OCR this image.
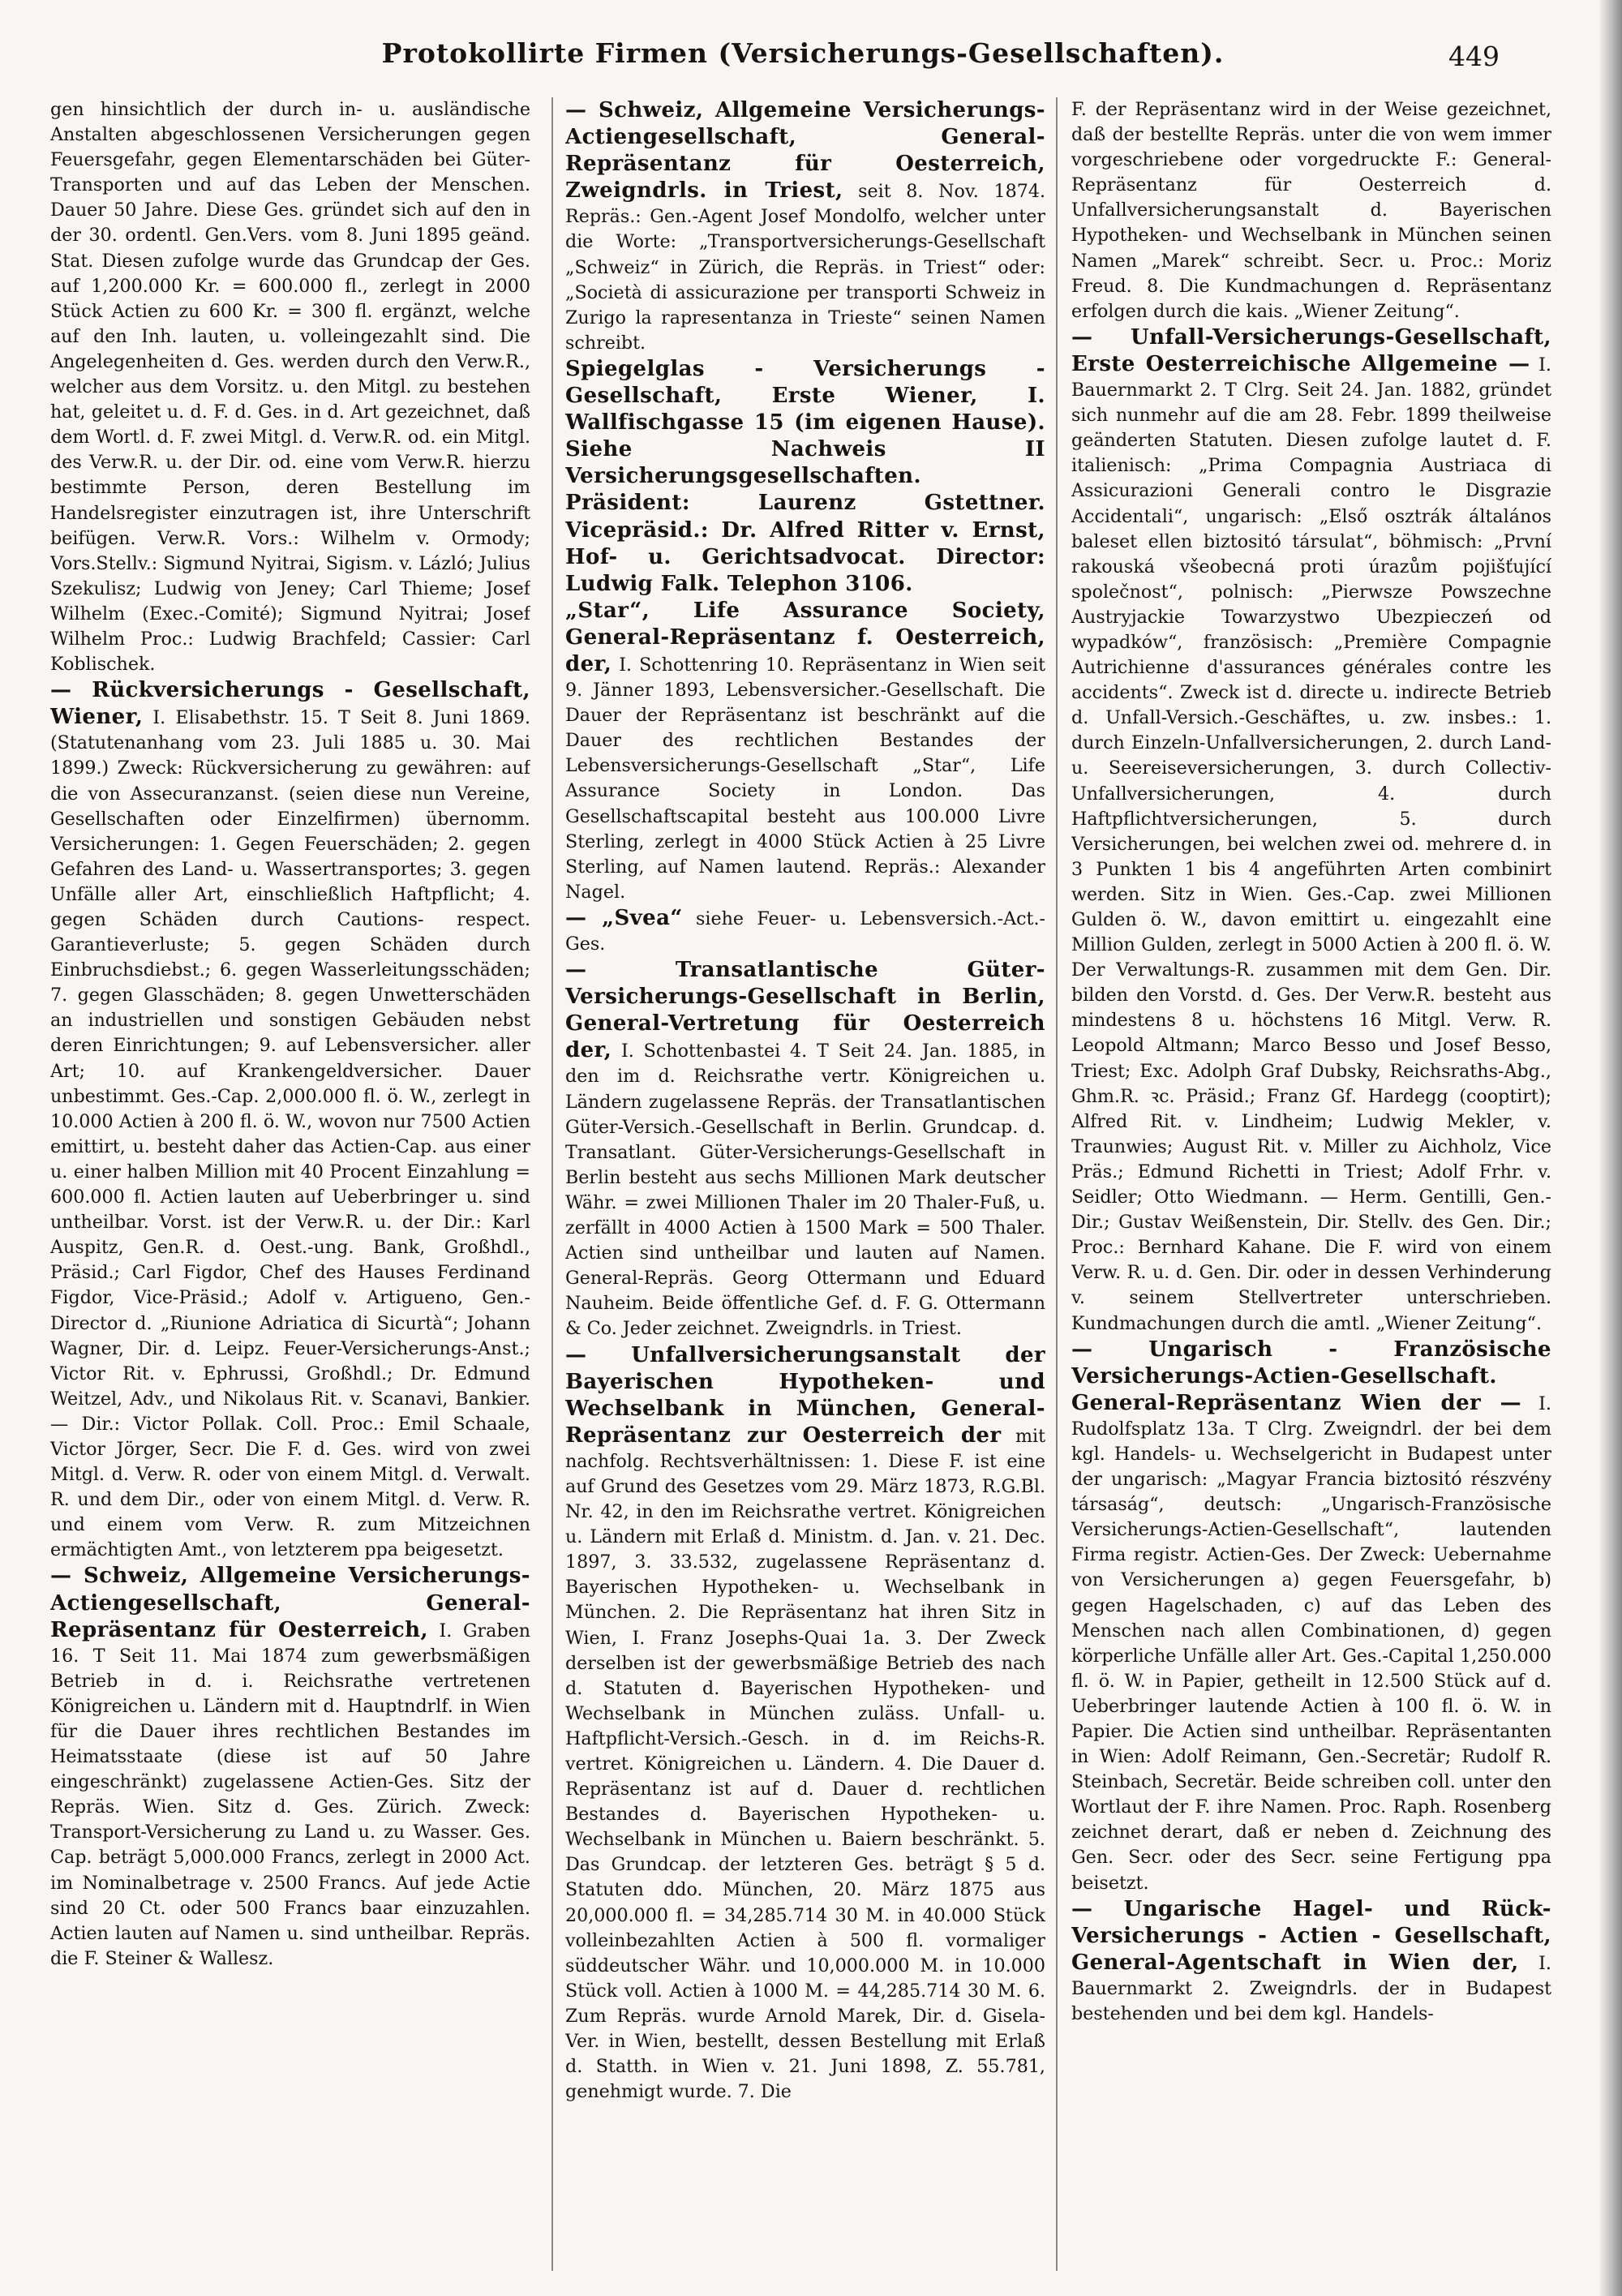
Protokollirte Firmen (Versicherungs-Gesellschaften).	449
gen hinsichtlich der durch in- u. ausländische Anstalten abgeschlossenen Versicherungen gegen Feuersgefahr, gegen Elementarschäden bei Güter-Transporten und auf das Leben der Menschen. Dauer 50 Jahre. Diese Ges. gründet sich auf den in der 30. ordentl. Gen.Vers. vom 8. Juni 1895 geänd. Stat. Diesen zufolge wurde das Grundcap der Ges. auf 1,200.000 Kr. = 600.000 fl., zerlegt in 2000 Stück Actien zu 600 Kr. = 300 fl. ergänzt, welche auf den Inh. lauten, u. volleingezahlt sind. Die Angelegenheiten d. Ges. werden durch den Verw.R., welcher aus dem Vorsitz. u. den Mitgl. zu bestehen hat, geleitet u. d. F. d. Ges. in d. Art gezeichnet, daß dem Wortl. d. F. zwei Mitgl. d. Verw.R. od. ein Mitgl. des Verw.R. u. der Dir. od. eine vom Verw.R. hierzu bestimmte Person, deren Bestellung im Handelsregister einzutragen ist, ihre Unterschrift beifügen. Verw.R. Vors.: Wilhelm v. Ormody; Vors.Stellv.: Sigmund Nyitrai, Sigism. v. Lázló; Julius Szekulisz; Ludwig von Jeney; Carl Thieme; Josef Wilhelm (Exec.-Comité); Sigmund Nyitrai; Josef Wilhelm Proc.: Ludwig Brachfeld; Cassier: Carl Koblischek.
— Rückversicherungs - Gesellschaft, Wiener, I. Elisabethstr. 15. T Seit 8. Juni 1869. (Statutenanhang vom 23. Juli 1885 u. 30. Mai 1899.) Zweck: Rückversicherung zu gewähren: auf die von Assecuranzanst. (seien diese nun Vereine, Gesellschaften oder Einzelfirmen) übernomm. Versicherungen: 1. Gegen Feuerschäden; 2. gegen Gefahren des Land- u. Wassertransportes; 3. gegen Unfälle aller Art, einschließlich Haftpflicht; 4. gegen Schäden durch Cautions- respect. Garantieverluste; 5. gegen Schäden durch Einbruchsdiebst.; 6. gegen Wasserleitungsschäden; 7. gegen Glasschäden; 8. gegen Unwetterschäden an industriellen und sonstigen Gebäuden nebst deren Einrichtungen; 9. auf Lebensversicher. aller Art; 10. auf Krankengeldversicher. Dauer unbestimmt. Ges.-Cap. 2,000.000 fl. ö. W., zerlegt in 10.000 Actien à 200 fl. ö. W., wovon nur 7500 Actien emittirt, u. besteht daher das Actien-Cap. aus einer u. einer halben Million mit 40 Procent Einzahlung = 600.000 fl. Actien lauten auf Ueberbringer u. sind untheilbar. Vorst. ist der Verw.R. u. der Dir.: Karl Auspitz, Gen.R. d. Oest.-ung. Bank, Großhdl., Präsid.; Carl Figdor, Chef des Hauses Ferdinand Figdor, Vice-Präsid.; Adolf v. Artigueno, Gen.-Director d. „Riunione Adriatica di Sicurtà“; Johann Wagner, Dir. d. Leipz. Feuer-Versicherungs-Anst.; Victor Rit. v. Ephrussi, Großhdl.; Dr. Edmund Weitzel, Adv., und Nikolaus Rit. v. Scanavi, Bankier. — Dir.: Victor Pollak. Coll. Proc.: Emil Schaale, Victor Jörger, Secr. Die F. d. Ges. wird von zwei Mitgl. d. Verw. R. oder von einem Mitgl. d. Verwalt. R. und dem Dir., oder von einem Mitgl. d. Verw. R. und einem vom Verw. R. zum Mitzeichnen ermächtigten Amt., von letzterem ppa beigesetzt.
— Schweiz, Allgemeine Versicherungs-Actiengesellschaft, General-Repräsentanz für Oesterreich, I. Graben 16. T Seit 11. Mai 1874 zum gewerbsmäßigen Betrieb in d. i. Reichsrathe vertretenen Königreichen u. Ländern mit d. Hauptndrlf. in Wien für die Dauer ihres rechtlichen Bestandes im Heimatsstaate (diese ist auf 50 Jahre eingeschränkt) zugelassene Actien-Ges. Sitz der Repräs. Wien. Sitz d. Ges. Zürich. Zweck: Transport-Versicherung zu Land u. zu Wasser. Ges. Cap. beträgt 5,000.000 Francs, zerlegt in 2000 Act. im Nominalbetrage v. 2500 Francs. Auf jede Actie sind 20 Ct. oder 500 Francs baar einzuzahlen. Actien lauten auf Namen u. sind untheilbar. Repräs. die F. Steiner & Wallesz.
— Schweiz, Allgemeine Versicherungs-Actiengesellschaft, General-Repräsentanz für Oesterreich, Zweigndrls. in Triest, seit 8. Nov. 1874. Repräs.: Gen.-Agent Josef Mondolfo, welcher unter die Worte: „Transportversicherungs-Gesellschaft „Schweiz“ in Zürich, die Repräs. in Triest“ oder: „Società di assicurazione per transporti Schweiz in Zurigo la rapresentanza in Trieste“ seinen Namen schreibt.
Spiegelglas - Versicherungs - Gesellschaft, Erste Wiener, I. Wallfischgasse 15 (im eigenen Hause). Siehe Nachweis II Versicherungsgesellschaften. Präsident: Laurenz Gstettner. Vicepräsid.: Dr. Alfred Ritter v. Ernst, Hof- u. Gerichtsadvocat. Director: Ludwig Falk. Telephon 3106.
„Star“, Life Assurance Society, General-Repräsentanz f. Oesterreich, der, I. Schottenring 10. Repräsentanz in Wien seit 9. Jänner 1893, Lebensversicher.-Gesellschaft. Die Dauer der Repräsentanz ist beschränkt auf die Dauer des rechtlichen Bestandes der Lebensversicherungs-Gesellschaft „Star“, Life Assurance Society in London. Das Gesellschaftscapital besteht aus 100.000 Livre Sterling, zerlegt in 4000 Stück Actien à 25 Livre Sterling, auf Namen lautend. Repräs.: Alexander Nagel.
— „Svea“ siehe Feuer- u. Lebensversich.-Act.-Ges.
— Transatlantische Güter-Versicherungs-Gesellschaft in Berlin, General-Vertretung für Oesterreich der, I. Schottenbastei 4. T Seit 24. Jan. 1885, in den im d. Reichsrathe vertr. Königreichen u. Ländern zugelassene Repräs. der Transatlantischen Güter-Versich.-Gesellschaft in Berlin. Grundcap. d. Transatlant. Güter-Versicherungs-Gesellschaft in Berlin besteht aus sechs Millionen Mark deutscher Währ. = zwei Millionen Thaler im 20 Thaler-Fuß, u. zerfällt in 4000 Actien à 1500 Mark = 500 Thaler. Actien sind untheilbar und lauten auf Namen. General-Repräs. Georg Ottermann und Eduard Nauheim. Beide öffentliche Gef. d. F. G. Ottermann & Co. Jeder zeichnet. Zweigndrls. in Triest.
— Unfallversicherungsanstalt der Bayerischen Hypotheken- und Wechselbank in München, General-Repräsentanz zur Oesterreich der mit nachfolg. Rechtsverhältnissen: 1. Diese F. ist eine auf Grund des Gesetzes vom 29. März 1873, R.G.Bl. Nr. 42, in den im Reichsrathe vertret. Königreichen u. Ländern mit Erlaß d. Ministm. d. Jan. v. 21. Dec. 1897, 3. 33.532, zugelassene Repräsentanz d. Bayerischen Hypotheken- u. Wechselbank in München. 2. Die Repräsentanz hat ihren Sitz in Wien, I. Franz Josephs-Quai 1a. 3. Der Zweck derselben ist der gewerbsmäßige Betrieb des nach d. Statuten d. Bayerischen Hypotheken- und Wechselbank in München zuläss. Unfall- u. Haftpflicht-Versich.-Gesch. in d. im Reichs-R. vertret. Königreichen u. Ländern. 4. Die Dauer d. Repräsentanz ist auf d. Dauer d. rechtlichen Bestandes d. Bayerischen Hypotheken- u. Wechselbank in München u. Baiern beschränkt. 5. Das Grundcap. der letzteren Ges. beträgt § 5 d. Statuten ddo. München, 20. März 1875 aus 20,000.000 fl. = 34,285.714 30 M. in 40.000 Stück volleinbezahlten Actien à 500 fl. vormaliger süddeutscher Währ. und 10,000.000 M. in 10.000 Stück voll. Actien à 1000 M. = 44,285.714 30 M. 6. Zum Repräs. wurde Arnold Marek, Dir. d. Gisela-Ver. in Wien, bestellt, dessen Bestellung mit Erlaß d. Statth. in Wien v. 21. Juni 1898, Z. 55.781, genehmigt wurde. 7. Die
F. der Repräsentanz wird in der Weise gezeichnet, daß der bestellte Repräs. unter die von wem immer vorgeschriebene oder vorgedruckte F.: General-Repräsentanz für Oesterreich d. Unfallversicherungsanstalt d. Bayerischen Hypotheken- und Wechselbank in München seinen Namen „Marek“ schreibt. Secr. u. Proc.: Moriz Freud. 8. Die Kundmachungen d. Repräsentanz erfolgen durch die kais. „Wiener Zeitung“.
— Unfall-Versicherungs-Gesellschaft, Erste Oesterreichische Allgemeine — I. Bauernmarkt 2. T Clrg. Seit 24. Jan. 1882, gründet sich nunmehr auf die am 28. Febr. 1899 theilweise geänderten Statuten. Diesen zufolge lautet d. F. italienisch: „Prima Compagnia Austriaca di Assicurazioni Generali contro le Disgrazie Accidentali“, ungarisch: „Első osztrák általános baleset ellen biztositó társulat“, böhmisch: „První rakouská všeobecná proti úrazům pojišťující společnost“, polnisch: „Pierwsze Powszechne Austryjackie Towarzystwo Ubezpieczeń od wypadków“, französisch: „Première Compagnie Autrichienne d'assurances générales contre les accidents“. Zweck ist d. directe u. indirecte Betrieb d. Unfall-Versich.-Geschäftes, u. zw. insbes.: 1. durch Einzeln-Unfallversicherungen, 2. durch Land- u. Seereiseversicherungen, 3. durch Collectiv-Unfallversicherungen, 4. durch Haftpflichtversicherungen, 5. durch Versicherungen, bei welchen zwei od. mehrere d. in 3 Punkten 1 bis 4 angeführten Arten combinirt werden. Sitz in Wien. Ges.-Cap. zwei Millionen Gulden ö. W., davon emittirt u. eingezahlt eine Million Gulden, zerlegt in 5000 Actien à 200 fl. ö. W. Der Verwaltungs-R. zusammen mit dem Gen. Dir. bilden den Vorstd. d. Ges. Der Verw.R. besteht aus mindestens 8 u. höchstens 16 Mitgl. Verw. R. Leopold Altmann; Marco Besso und Josef Besso, Triest; Exc. Adolph Graf Dubsky, Reichsraths-Abg., Ghm.R. ꝛc. Präsid.; Franz Gf. Hardegg (cooptirt); Alfred Rit. v. Lindheim; Ludwig Mekler, v. Traunwies; August Rit. v. Miller zu Aichholz, Vice Präs.; Edmund Richetti in Triest; Adolf Frhr. v. Seidler; Otto Wiedmann. — Herm. Gentilli, Gen.-Dir.; Gustav Weißenstein, Dir. Stellv. des Gen. Dir.; Proc.: Bernhard Kahane. Die F. wird von einem Verw. R. u. d. Gen. Dir. oder in dessen Verhinderung v. seinem Stellvertreter unterschrieben. Kundmachungen durch die amtl. „Wiener Zeitung“.
— Ungarisch - Französische Versicherungs-Actien-Gesellschaft. General-Repräsentanz Wien der — I. Rudolfsplatz 13a. T Clrg. Zweigndrl. der bei dem kgl. Handels- u. Wechselgericht in Budapest unter der ungarisch: „Magyar Francia biztositó részvény társaság“, deutsch: „Ungarisch-Französische Versicherungs-Actien-Gesellschaft“, lautenden Firma registr. Actien-Ges. Der Zweck: Uebernahme von Versicherungen a) gegen Feuersgefahr, b) gegen Hagelschaden, c) auf das Leben des Menschen nach allen Combinationen, d) gegen körperliche Unfälle aller Art. Ges.-Capital 1,250.000 fl. ö. W. in Papier, getheilt in 12.500 Stück auf d. Ueberbringer lautende Actien à 100 fl. ö. W. in Papier. Die Actien sind untheilbar. Repräsentanten in Wien: Adolf Reimann, Gen.-Secretär; Rudolf R. Steinbach, Secretär. Beide schreiben coll. unter den Wortlaut der F. ihre Namen. Proc. Raph. Rosenberg zeichnet derart, daß er neben d. Zeichnung des Gen. Secr. oder des Secr. seine Fertigung ppa beisetzt.
— Ungarische Hagel- und Rück-Versicherungs - Actien - Gesellschaft, General-Agentschaft in Wien der, I. Bauernmarkt 2. Zweigndrls. der in Budapest bestehenden und bei dem kgl. Handels-
